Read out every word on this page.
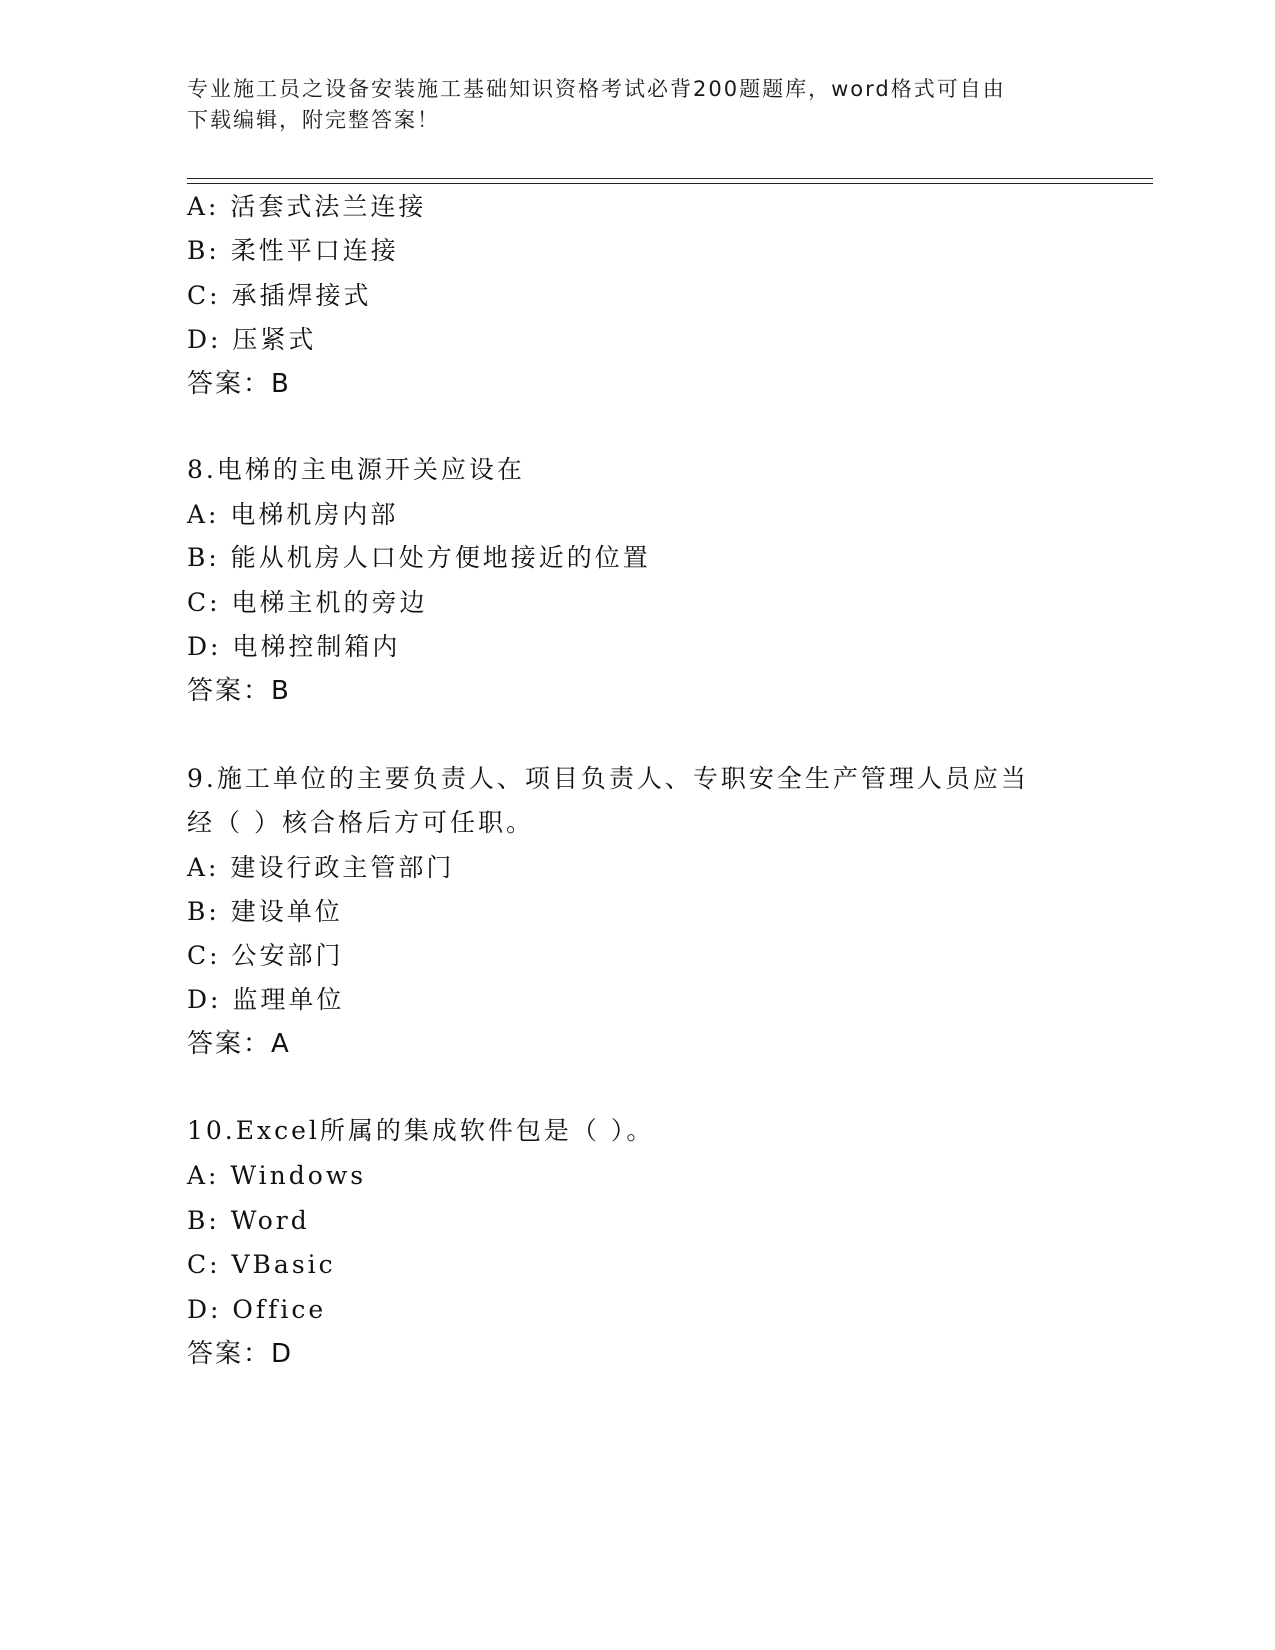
专业施工员之设备安装施工基础知识资格考试必背200题题库，word格式可自由
下载编辑，附完整答案！
A: 活套式法兰连接
B: 柔性平口连接
C: 承插焊接式
D: 压紧式
答案：B
8.电梯的主电源开关应设在
A: 电梯机房内部
B: 能从机房人口处方便地接近的位置
C: 电梯主机的旁边
D: 电梯控制箱内
答案：B
9.施工单位的主要负责人、项目负责人、专职安全生产管理人员应当
经（ ）核合格后方可任职。
A: 建设行政主管部门
B: 建设单位
C: 公安部门
D: 监理单位
答案：A
10.Excel所属的集成软件包是（ ）。
A: Windows
B: Word
C: VBasic
D: Office
答案：D
